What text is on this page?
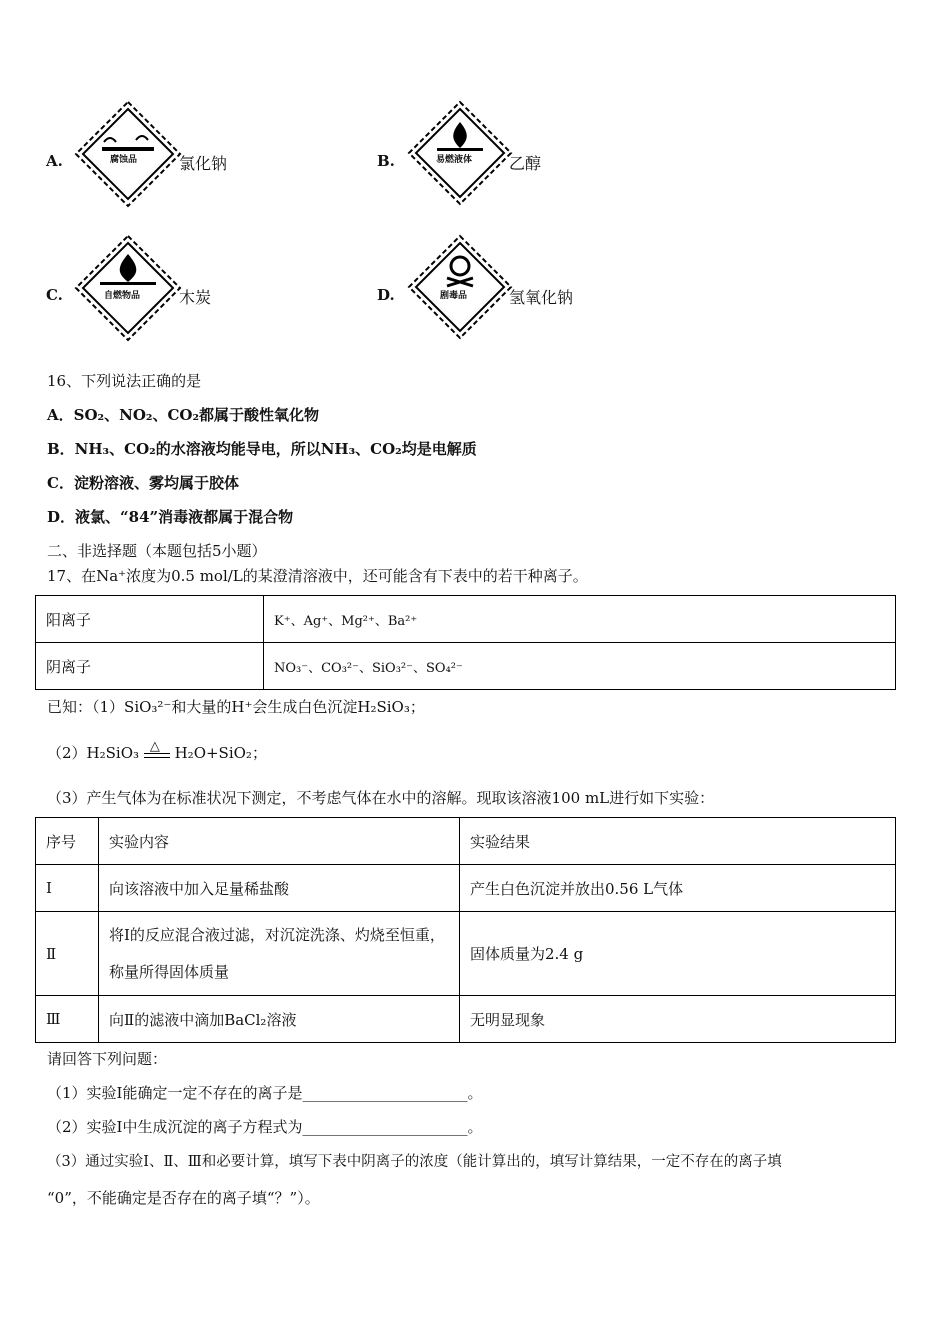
A.	腐蚀品	氯化钠	B.	易燃液体 乙醇
C.	自燃物品 木炭	D.	剧毒品	氢氧化钠
16、下列说法正确的是
A．SO₂、NO₂、CO₂都属于酸性氧化物
B．NH₃、CO₂的水溶液均能导电，所以NH₃、CO₂均是电解质
C．淀粉溶液、雾均属于胶体
D．液氯、“84”消毒液都属于混合物
二、非选择题（本题包括5小题）
17、在Na⁺浓度为0.5 mol/L的某澄清溶液中，还可能含有下表中的若干种离子。
阳离子	K⁺、Ag⁺、Mg²⁺、Ba²⁺
阴离子	NO₃⁻、CO₃²⁻、SiO₃²⁻、SO₄²⁻
已知：（1）SiO₃²⁻和大量的H⁺会生成白色沉淀H₂SiO₃；
（2）H₂SiO₃ △ H₂O+SiO₂；
（3）产生气体为在标准状况下测定，不考虑气体在水中的溶解。现取该溶液100 mL进行如下实验：
序号	实验内容	实验结果
Ⅰ	向该溶液中加入足量稀盐酸	产生白色沉淀并放出0.56 L气体
Ⅱ	将Ⅰ的反应混合液过滤，对沉淀洗涤、灼烧至恒重，称量所得固体质量	固体质量为2.4 g
Ⅲ	向Ⅱ的滤液中滴加BaCl₂溶液	无明显现象
请回答下列问题：
（1）实验Ⅰ能确定一定不存在的离子是______________________。
（2）实验Ⅰ中生成沉淀的离子方程式为______________________。
（3）通过实验Ⅰ、Ⅱ、Ⅲ和必要计算，填写下表中阴离子的浓度（能计算出的，填写计算结果，一定不存在的离子填
“0”，不能确定是否存在的离子填“？”）。
